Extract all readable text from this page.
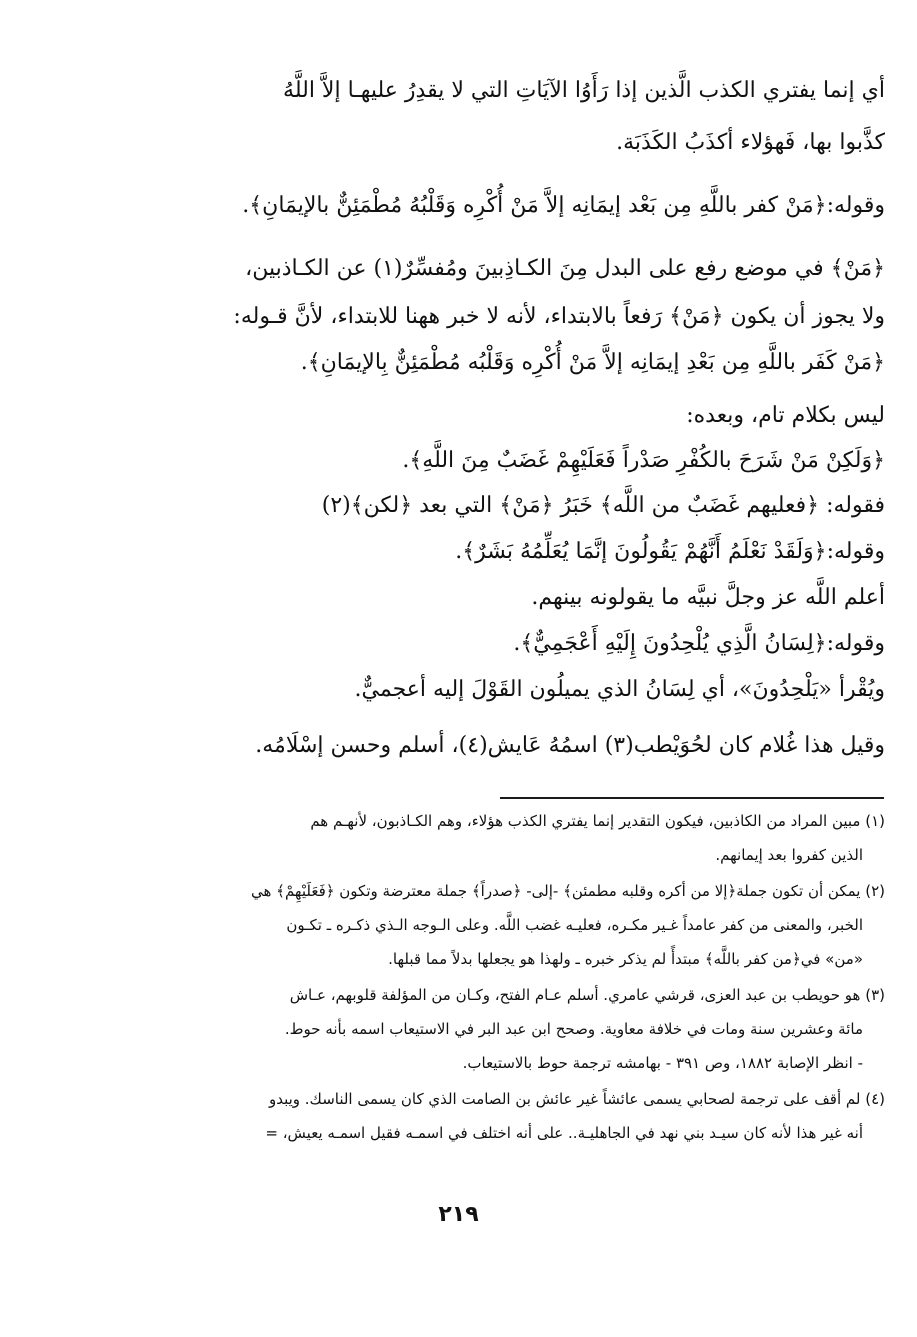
أي إنما يفتري الكذب الَّذين إذا رَأَوُا الآيَاتِ التي لا يقدِرُ عليهـا إلاَّ اللَّهُ
كذَّبوا بها، فَهؤلاء أكذَبُ الكَذَبَة.
وقوله:﴿مَنْ كفر باللَّهِ مِن بَعْد إيمَانِه إلاَّ مَنْ أُكْرِه وَقَلْبُهُ مُطْمَئِنٌّ بالإيمَانِ﴾.
﴿مَنْ﴾ في موضع رفع على البدل مِنَ الكـاذِبينَ ومُفسِّرٌ(١) عن الكـاذبين،
ولا يجوز أن يكون ﴿مَنْ﴾ رَفعاً بالابتداء، لأنه لا خبر ههنا للابتداء، لأنَّ قـوله:
﴿مَنْ كَفَر باللَّهِ مِن بَعْدِ إيمَانِه إلاَّ مَنْ أُكْرِه وَقَلْبُه مُطْمَئِنٌّ بِالإيمَانِ﴾.
ليس بكلام تام، وبعده:
﴿وَلَكِنْ مَنْ شَرَحَ بالكُفْرِ صَدْراً فَعَلَيْهِمْ غَضَبٌ مِنَ اللَّهِ﴾.
فقوله: ﴿فعليهم غَضَبٌ من اللَّه﴾ خَبَرُ ﴿مَنْ﴾ التي بعد ﴿لكن﴾(٢)
وقوله:﴿وَلَقَدْ نَعْلَمُ أَنَّهُمْ يَقُولُونَ إنَّمَا يُعَلِّمُهُ بَشَرٌ﴾.
أعلم اللَّه عز وجلَّ نبيَّه ما يقولونه بينهم.
وقوله:﴿لِسَانُ الَّذِي يُلْحِدُونَ إِلَيْهِ أَعْجَمِيٌّ﴾.
ويُقْرأ «يَلْحِدُونَ»، أي لِسَانُ الذي يميلُون القَوْلَ إليه أعجميٌّ.
وقيل هذا غُلام كان لحُوَيْطب(٣) اسمُهُ عَايش(٤)، أسلم وحسن إسْلَامُه.
(١) مبين المراد من الكاذبين، فيكون التقدير إنما يفتري الكذب هؤلاء، وهم الكـاذبون، لأنهـم هم
الذين كفروا بعد إيمانهم.
(٢) يمكن أن تكون جملة﴿إلا من أكره وقلبه مطمئن﴾ -إلى- ﴿صدراً﴾ جملة معترضة وتكون ﴿فَعَلَيْهِمْ﴾ هي
الخبر، والمعنى من كفر عامداً غـير مكـره، فعليـه غضب اللَّه. وعلى الـوجه الـذي ذكـره ـ تكـون
«من» في﴿من كفر باللَّه﴾ مبتدأً لم يذكر خبره ـ ولهذا هو يجعلها بدلاً مما قبلها.
(٣) هو حويطب بن عبد العزى، قرشي عامري. أسلم عـام الفتح، وكـان من المؤلفة قلوبهم، عـاش
مائة وعشرين سنة ومات في خلافة معاوية. وصحح ابن عبد البر في الاستيعاب اسمه بأنه حوط.
- انظر الإصابة ١٨٨٢، وص ٣٩١ - بهامشه ترجمة حوط بالاستيعاب.
(٤) لم أقف على ترجمة لصحابي يسمى عائشاً غير عائش بن الصامت الذي كان يسمى الناسك. ويبدو
أنه غير هذا لأنه كان سيـد بني نهد في الجاهليـة.. على أنه اختلف في اسمـه فقيل اسمـه يعيش، =
٢١٩
